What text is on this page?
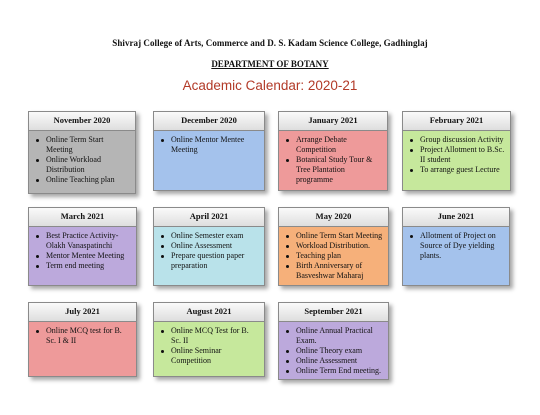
Shivraj College of Arts, Commerce and D. S. Kadam Science College, Gadhinglaj
DEPARTMENT OF BOTANY
Academic Calendar: 2020-21
November 2020
Online Term Start Meeting
Online Workload Distribution
Online Teaching plan
December 2020
Online Mentor Mentee Meeting
January 2021
Arrange Debate Competition
Botanical Study Tour & Tree Plantation programme
February 2021
Group discussion Activity
Project Allotment to B.Sc. II student
To arrange guest Lecture
March 2021
Best Practice Activity- Olakh Vanaspatinchi
Mentor Mentee Meeting
Term end meeting
April 2021
Online Semester exam
Online Assessment
Prepare question paper preparation
May 2020
Online Term Start Meeting
Workload Distribution.
Teaching plan
Birth Anniversary of Basveshwar Maharaj
June 2021
Allotment of Project on Source of Dye yielding plants.
July 2021
Online MCQ test for B. Sc. I & II
August 2021
Online MCQ Test for B. Sc. II
Online Seminar Competition
September 2021
Online Annual Practical Exam.
Online Theory exam
Online Assessment
Online Term End meeting.
